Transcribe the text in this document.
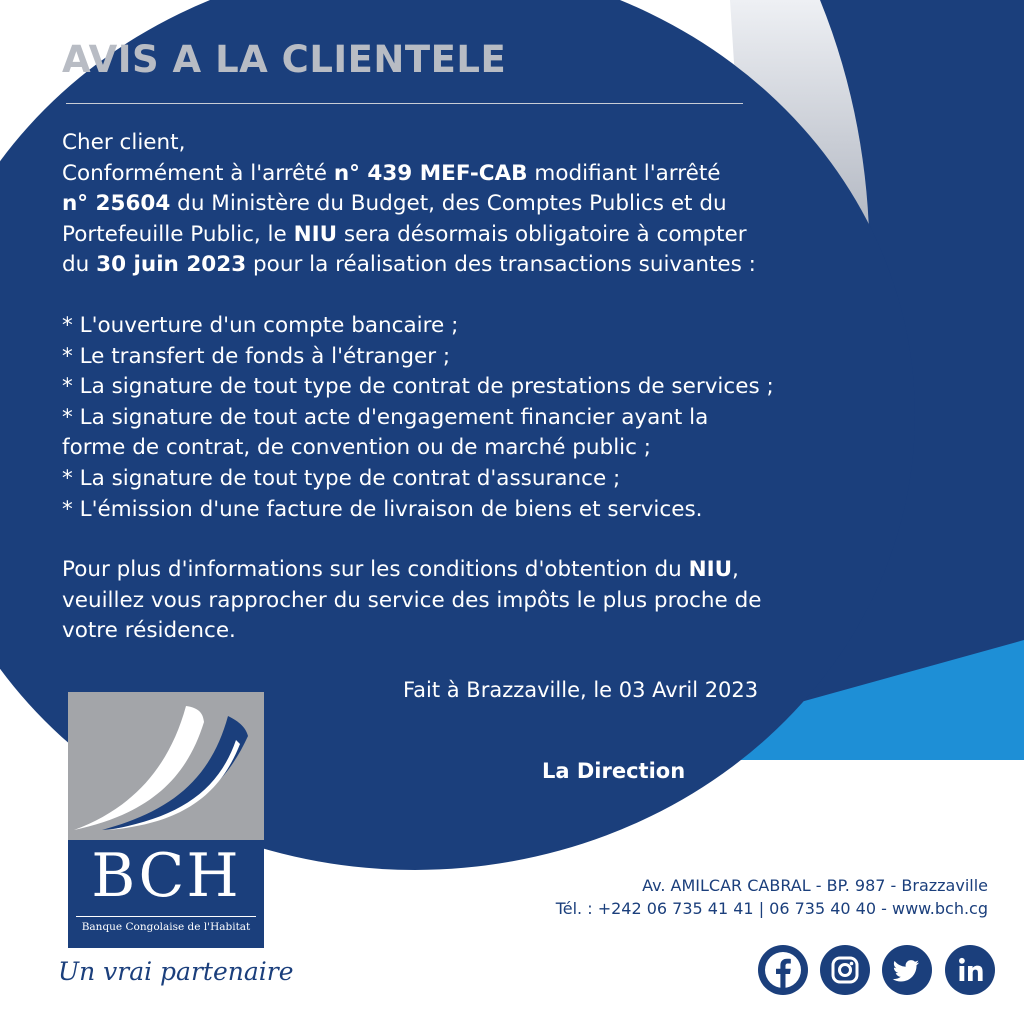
AVIS A LA CLIENTELE
Cher client,
Conformément à l'arrêté n° 439 MEF-CAB modifiant l'arrêté
n° 25604 du Ministère du Budget, des Comptes Publics et du
Portefeuille Public, le NIU sera désormais obligatoire à compter
du 30 juin 2023 pour la réalisation des transactions suivantes :
* L'ouverture d'un compte bancaire ;
* Le transfert de fonds à l'étranger ;
* La signature de tout type de contrat de prestations de services ;
* La signature de tout acte d'engagement financier ayant la
forme de contrat, de convention ou de marché public ;
* La signature de tout type de contrat d'assurance ;
* L'émission d'une facture de livraison de biens et services.
Pour plus d'informations sur les conditions d'obtention du NIU,
veuillez vous rapprocher du service des impôts le plus proche de
votre résidence.
Fait à Brazzaville, le 03 Avril 2023
La Direction
BCH
Banque Congolaise de l'Habitat
Un vrai partenaire
Av. AMILCAR CABRAL - BP. 987 - Brazzaville
Tél. : +242 06 735 41 41 | 06 735 40 40 - www.bch.cg
